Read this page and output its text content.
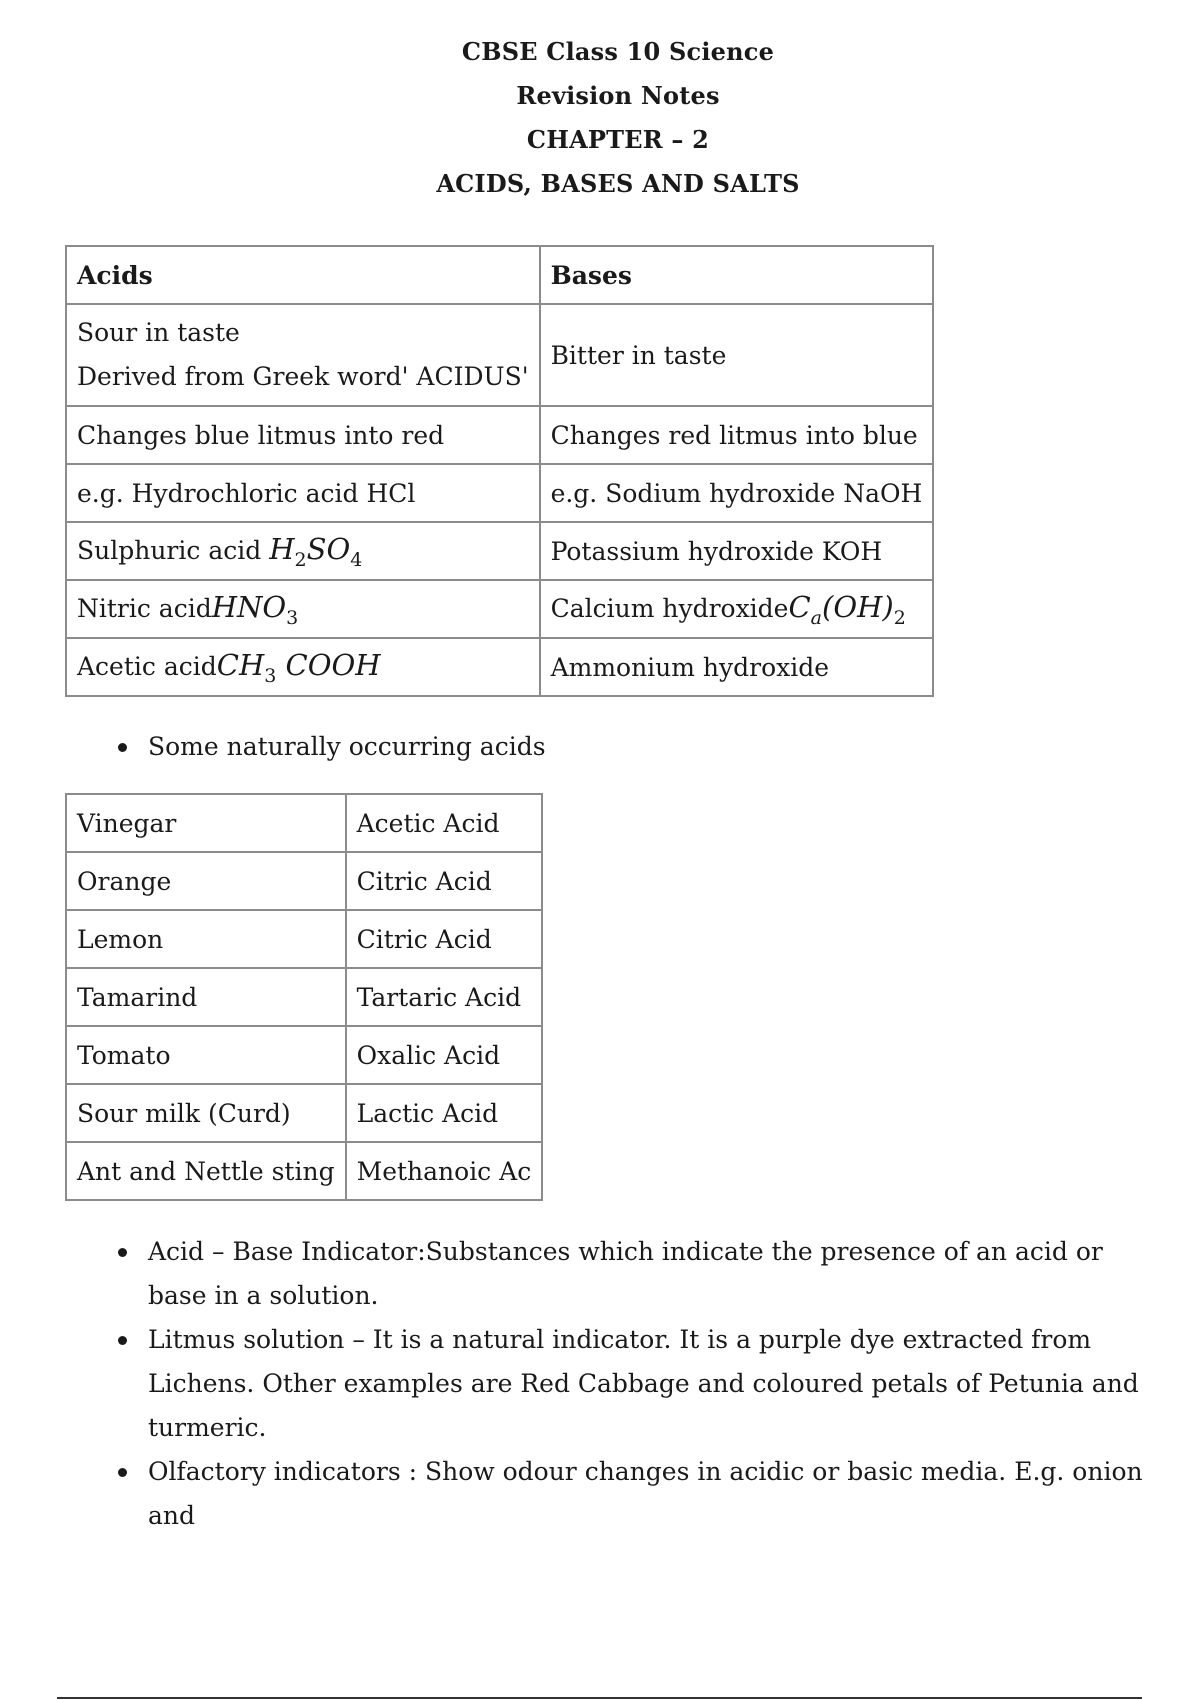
CBSE Class 10 Science
Revision Notes
CHAPTER – 2
ACIDS, BASES AND SALTS
Acids	Bases

Sour in taste
Derived from Greek word' ACIDUS'	Bitter in taste
Changes blue litmus into red	Changes red litmus into blue
e.g. Hydrochloric acid HCl	e.g. Sodium hydroxide NaOH
Sulphuric acid $H_2SO_4$	Potassium hydroxide KOH
Nitric acidHNO$_3$	Calcium $hydroxideC_a(OH)_2$
Acetic acidCH$_3$ COOH	Ammonium hydroxide
Some naturally occurring acids
Vinegar	Acetic Acid
Orange	Citric Acid
Lemon	Citric Acid
Tamarind	Tartaric Acid
Tomato	Oxalic Acid
Sour milk (Curd)	Lactic Acid
Ant and Nettle sting	Methanoic Ac
Acid – Base Indicator:Substances which indicate the presence of an acid or base in a solution.
Litmus solution – It is a natural indicator. It is a purple dye extracted from Lichens. Other examples are Red Cabbage and coloured petals of Petunia and turmeric.
Olfactory indicators : Show odour changes in acidic or basic media. E.g. onion and
